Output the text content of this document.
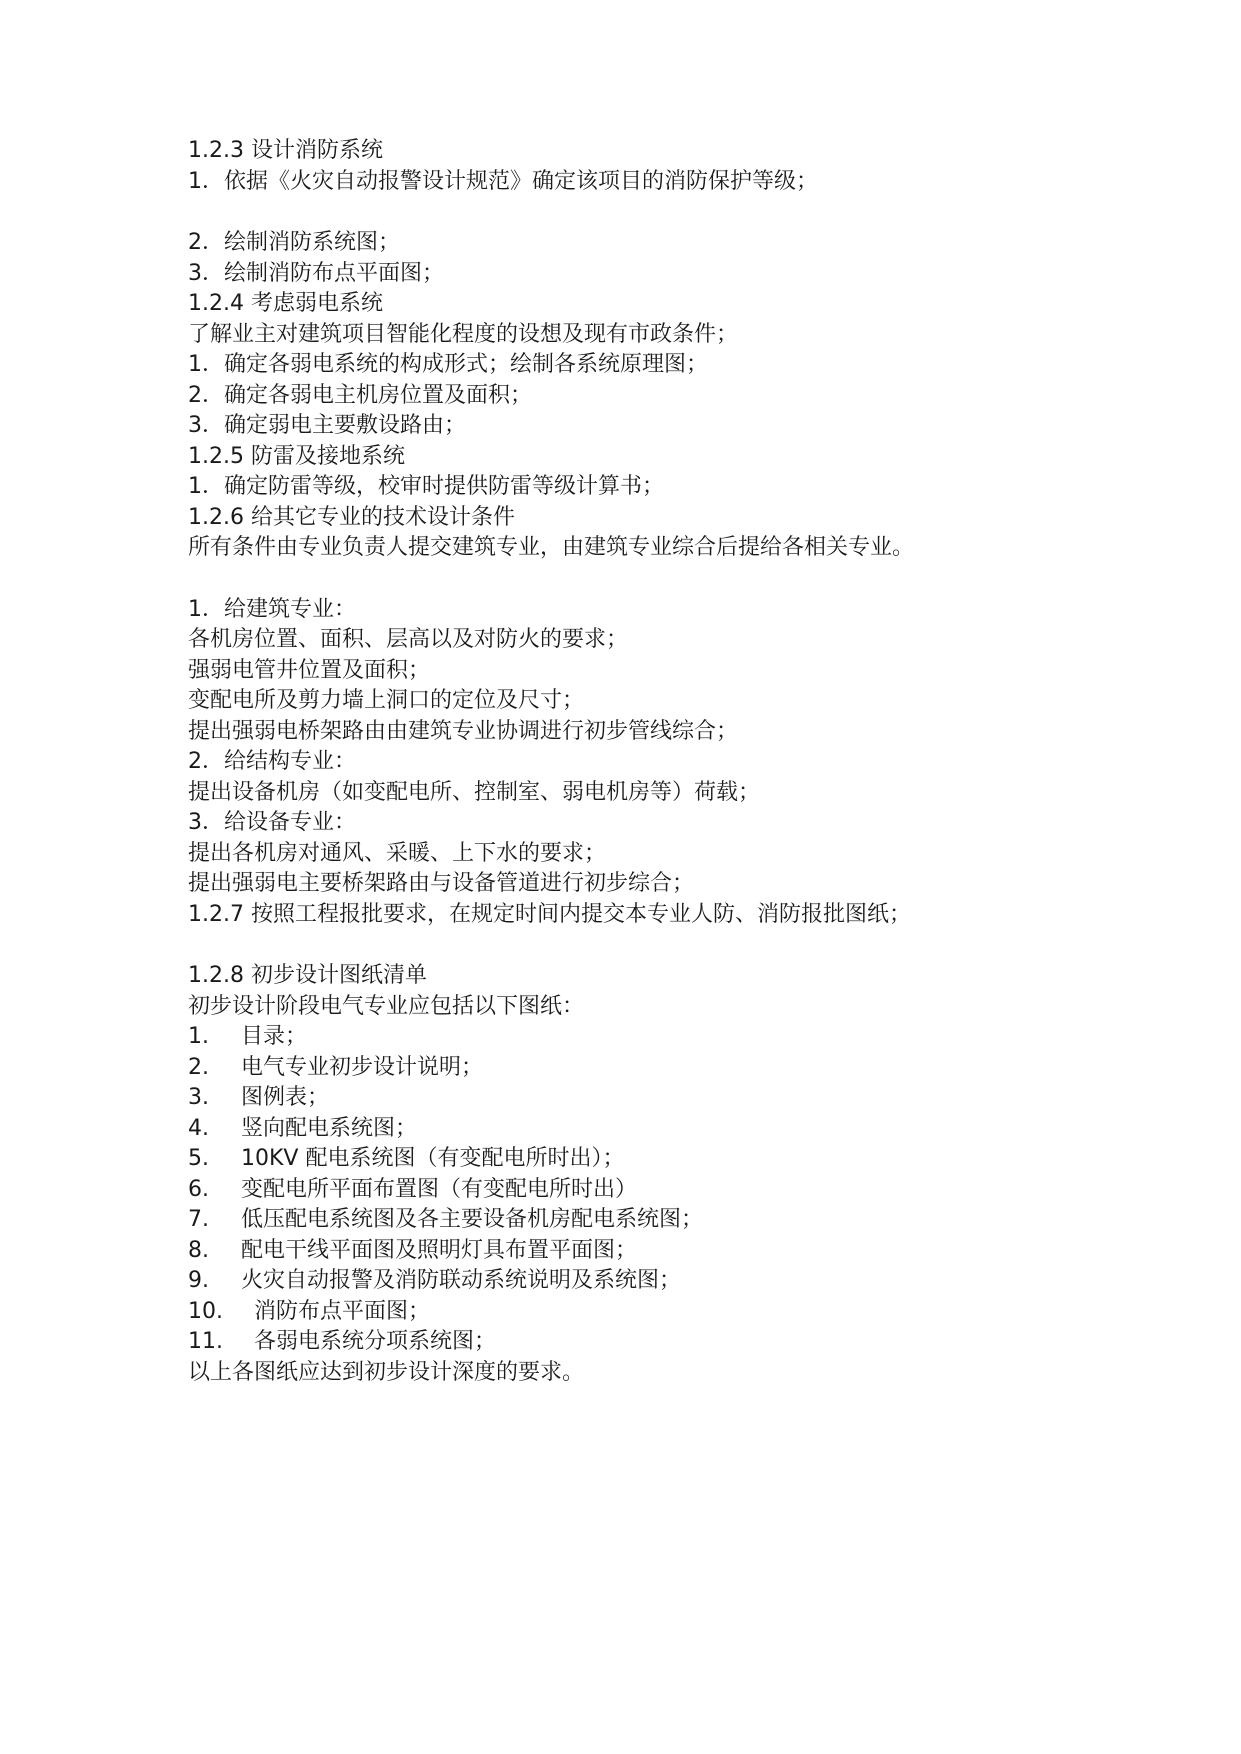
1.2.3 设计消防系统
1．依据《火灾自动报警设计规范》确定该项目的消防保护等级；
2．绘制消防系统图；
3．绘制消防布点平面图；
1.2.4 考虑弱电系统
了解业主对建筑项目智能化程度的设想及现有市政条件；
1．确定各弱电系统的构成形式；绘制各系统原理图；
2．确定各弱电主机房位置及面积；
3．确定弱电主要敷设路由；
1.2.5 防雷及接地系统
1．确定防雷等级，校审时提供防雷等级计算书；
1.2.6 给其它专业的技术设计条件
所有条件由专业负责人提交建筑专业，由建筑专业综合后提给各相关专业。
1．给建筑专业：
各机房位置、面积、层高以及对防火的要求；
强弱电管井位置及面积；
变配电所及剪力墙上洞口的定位及尺寸；
提出强弱电桥架路由由建筑专业协调进行初步管线综合；
2．给结构专业：
提出设备机房（如变配电所、控制室、弱电机房等）荷载；
3．给设备专业：
提出各机房对通风、采暖、上下水的要求；
提出强弱电主要桥架路由与设备管道进行初步综合；
1.2.7 按照工程报批要求，在规定时间内提交本专业人防、消防报批图纸；
1.2.8 初步设计图纸清单
初步设计阶段电气专业应包括以下图纸：
1. 目录；
2. 电气专业初步设计说明；
3. 图例表；
4. 竖向配电系统图；
5. 10KV 配电系统图（有变配电所时出）；
6. 变配电所平面布置图（有变配电所时出）
7. 低压配电系统图及各主要设备机房配电系统图；
8. 配电干线平面图及照明灯具布置平面图；
9. 火灾自动报警及消防联动系统说明及系统图；
10. 消防布点平面图；
11. 各弱电系统分项系统图；
以上各图纸应达到初步设计深度的要求。
